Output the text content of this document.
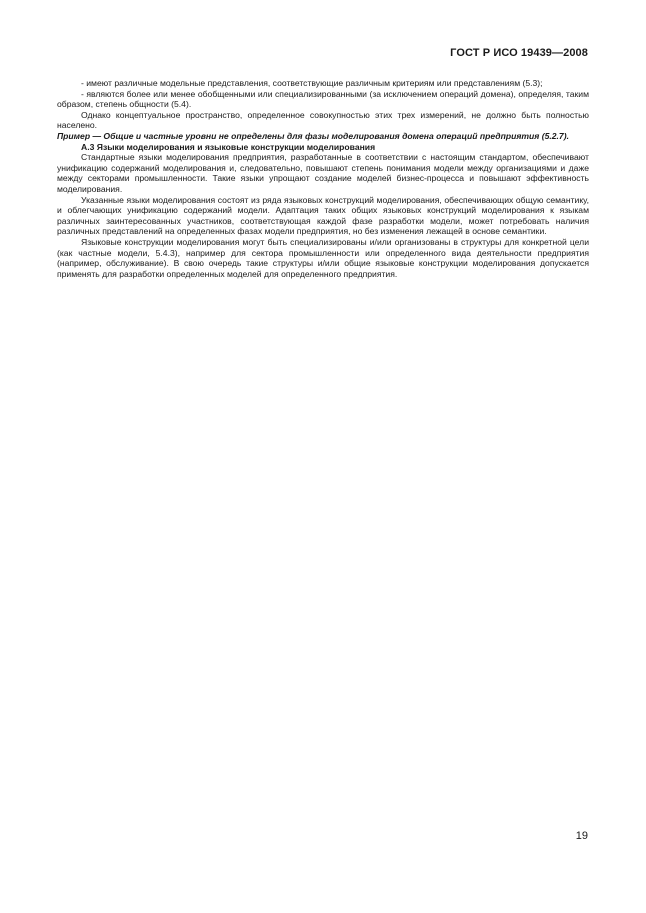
ГОСТ Р ИСО 19439—2008

- имеют различные модельные представления, соответствующие различным критериям или представлениям (5.3);

- являются более или менее обобщенными или специализированными (за исключением операций домена), определяя, таким образом, степень общности (5.4).

Однако концептуальное пространство, определенное совокупностью этих трех измерений, не должно быть полностью населено.

Пример — Общие и частные уровни не определены для фазы моделирования домена операций предприятия (5.2.7).

А.3 Языки моделирования и языковые конструкции моделирования

Стандартные языки моделирования предприятия, разработанные в соответствии с настоящим стандартом, обеспечивают унификацию содержаний моделирования и, следовательно, повышают степень понимания модели между организациями и даже между секторами промышленности. Такие языки упрощают создание моделей бизнес-процесса и повышают эффективность моделирования.

Указанные языки моделирования состоят из ряда языковых конструкций моделирования, обеспечивающих общую семантику, и облегчающих унификацию содержаний модели. Адаптация таких общих языковых конструкций моделирования к языкам различных заинтересованных участников, соответствующая каждой фазе разработки модели, может потребовать наличия различных представлений на определенных фазах модели предприятия, но без изменения лежащей в основе семантики.

Языковые конструкции моделирования могут быть специализированы и/или организованы в структуры для конкретной цели (как частные модели, 5.4.3), например для сектора промышленности или определенного вида деятельности предприятия (например, обслуживание). В свою очередь такие структуры и/или общие языковые конструкции моделирования допускается применять для разработки определенных моделей для определенного предприятия.

19
